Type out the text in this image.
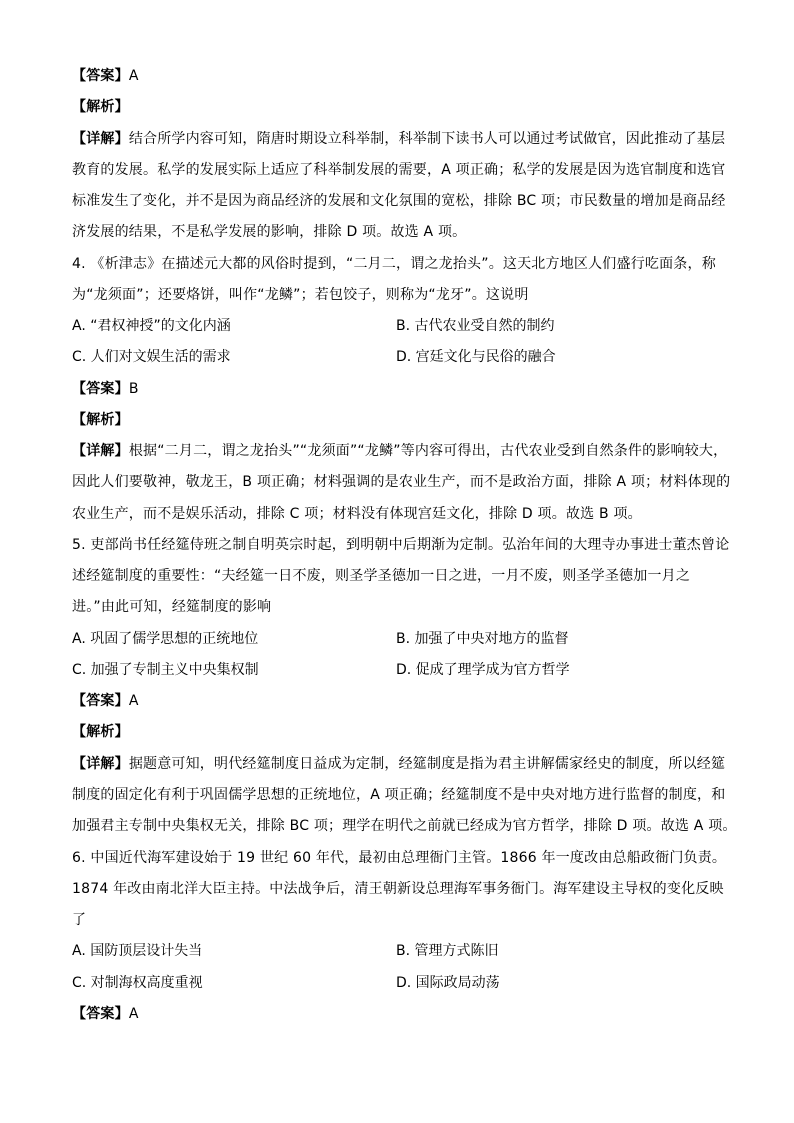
【答案】A
【解析】
【详解】结合所学内容可知，隋唐时期设立科举制，科举制下读书人可以通过考试做官，因此推动了基层
教育的发展。私学的发展实际上适应了科举制发展的需要，A 项正确；私学的发展是因为选官制度和选官
标准发生了变化，并不是因为商品经济的发展和文化氛围的宽松，排除 BC 项；市民数量的增加是商品经
济发展的结果，不是私学发展的影响，排除 D 项。故选 A 项。
4. 《析津志》在描述元大都的风俗时提到，“二月二，谓之龙抬头”。这天北方地区人们盛行吃面条，称
为“龙须面”；还要烙饼，叫作“龙鳞”；若包饺子，则称为“龙牙”。这说明
A. “君权神授”的文化内涵	B. 古代农业受自然的制约
C. 人们对文娱生活的需求	D. 宫廷文化与民俗的融合
【答案】B
【解析】
【详解】根据“二月二，谓之龙抬头”“龙须面”“龙鳞”等内容可得出，古代农业受到自然条件的影响较大，
因此人们要敬神，敬龙王，B 项正确；材料强调的是农业生产，而不是政治方面，排除 A 项；材料体现的
农业生产，而不是娱乐活动，排除 C 项；材料没有体现宫廷文化，排除 D 项。故选 B 项。
5. 吏部尚书任经筵侍班之制自明英宗时起，到明朝中后期渐为定制。弘治年间的大理寺办事进士董杰曾论
述经筵制度的重要性：“夫经筵一日不废，则圣学圣德加一日之进，一月不废，则圣学圣德加一月之
进。”由此可知，经筵制度的影响
A. 巩固了儒学思想的正统地位	B. 加强了中央对地方的监督
C. 加强了专制主义中央集权制	D. 促成了理学成为官方哲学
【答案】A
【解析】
【详解】据题意可知，明代经筵制度日益成为定制，经筵制度是指为君主讲解儒家经史的制度，所以经筵
制度的固定化有利于巩固儒学思想的正统地位，A 项正确；经筵制度不是中央对地方进行监督的制度，和
加强君主专制中央集权无关，排除 BC 项；理学在明代之前就已经成为官方哲学，排除 D 项。故选 A 项。
6. 中国近代海军建设始于 19 世纪 60 年代，最初由总理衙门主管。1866 年一度改由总船政衙门负责。
1874 年改由南北洋大臣主持。中法战争后，清王朝新设总理海军事务衙门。海军建设主导权的变化反映
了
A. 国防顶层设计失当	B. 管理方式陈旧
C. 对制海权高度重视	D. 国际政局动荡
【答案】A
